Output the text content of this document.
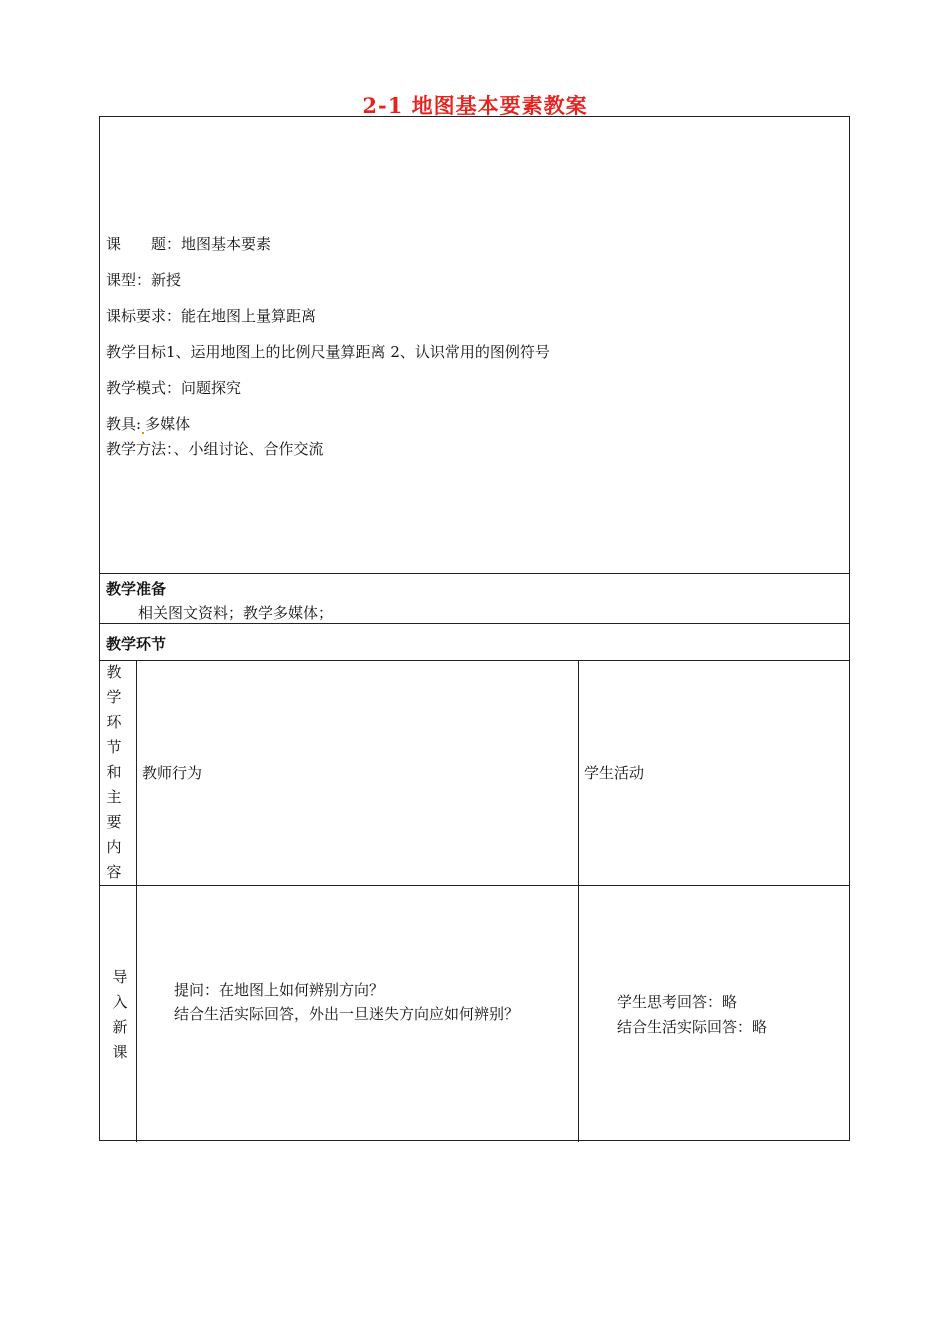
2-1 地图基本要素教案
课　　题：地图基本要素
课型：新授
课标要求：能在地图上量算距离
教学目标1、运用地图上的比例尺量算距离 2、认识常用的图例符号
教学模式：问题探究
教具: 多媒体
教学方法：、小组讨论、合作交流
教学准备
相关图文资料；教学多媒体；
教学环节
教
学
环
节
和
主
要
内
容
教师行为	学生活动
导
入
新
课
提问：在地图上如何辨别方向？
结合生活实际回答，外出一旦迷失方向应如何辨别？
学生思考回答：略
结合生活实际回答：略
